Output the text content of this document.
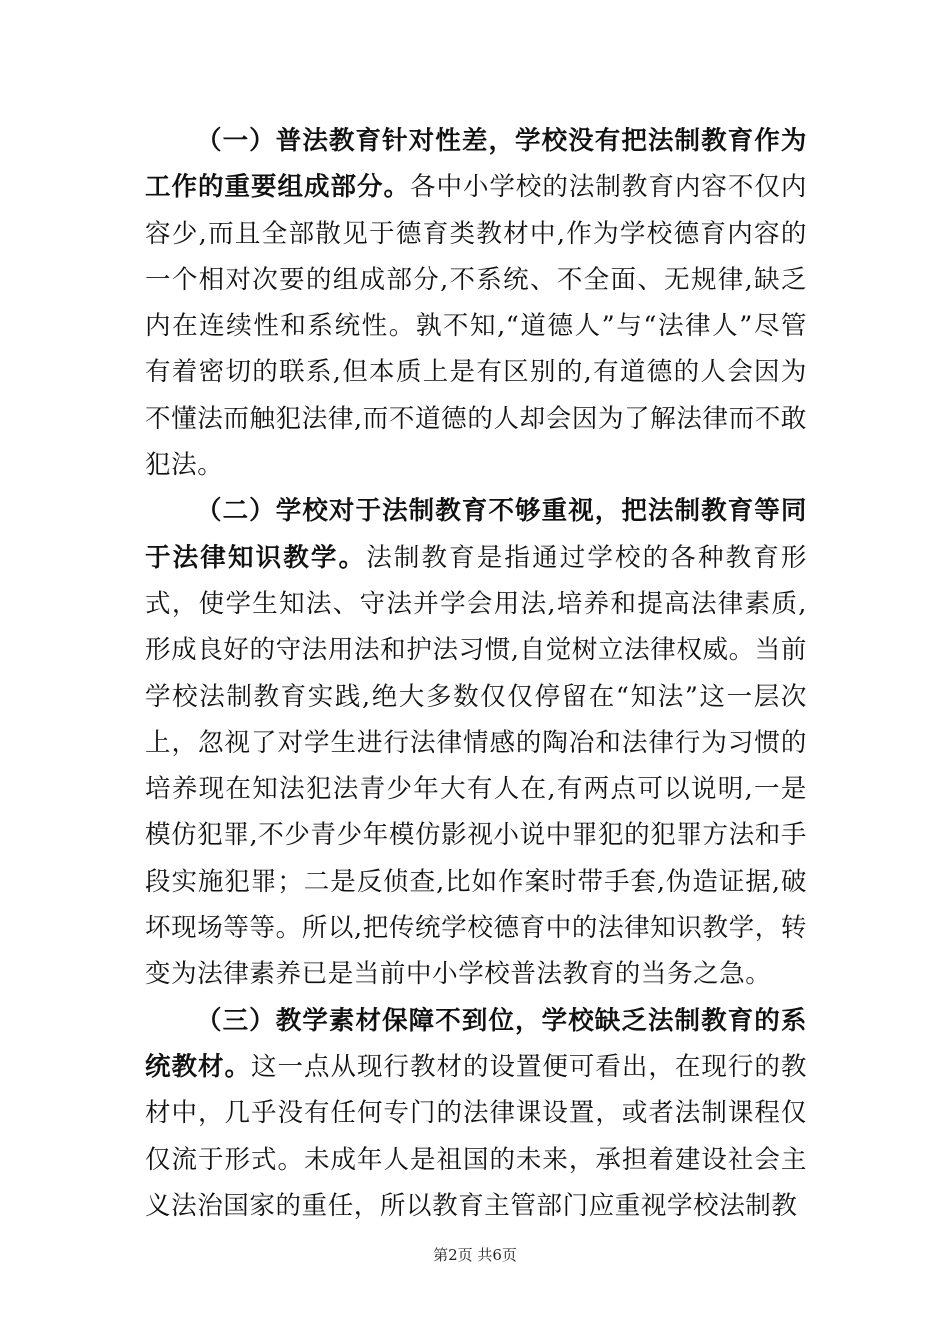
（一）普法教育针对性差，学校没有把法制教育作为工作的重要组成部分。各中小学校的法制教育内容不仅内容少,而且全部散见于德育类教材中,作为学校德育内容的一个相对次要的组成部分,不系统、不全面、无规律,缺乏内在连续性和系统性。孰不知,“道德人”与“法律人”尽管有着密切的联系,但本质上是有区别的,有道德的人会因为不懂法而触犯法律,而不道德的人却会因为了解法律而不敢犯法。

（二）学校对于法制教育不够重视，把法制教育等同于法律知识教学。法制教育是指通过学校的各种教育形式，使学生知法、守法并学会用法,培养和提高法律素质,形成良好的守法用法和护法习惯,自觉树立法律权威。当前学校法制教育实践,绝大多数仅仅停留在“知法”这一层次上，忽视了对学生进行法律情感的陶冶和法律行为习惯的培养现在知法犯法青少年大有人在,有两点可以说明,一是模仿犯罪,不少青少年模仿影视小说中罪犯的犯罪方法和手段实施犯罪；二是反侦查,比如作案时带手套,伪造证据,破坏现场等等。所以,把传统学校德育中的法律知识教学，转变为法律素养已是当前中小学校普法教育的当务之急。

（三）教学素材保障不到位，学校缺乏法制教育的系统教材。这一点从现行教材的设置便可看出，在现行的教材中，几乎没有任何专门的法律课设置，或者法制课程仅仅流于形式。未成年人是祖国的未来，承担着建设社会主义法治国家的重任，所以教育主管部门应重视学校法制教

第2页 共6页
